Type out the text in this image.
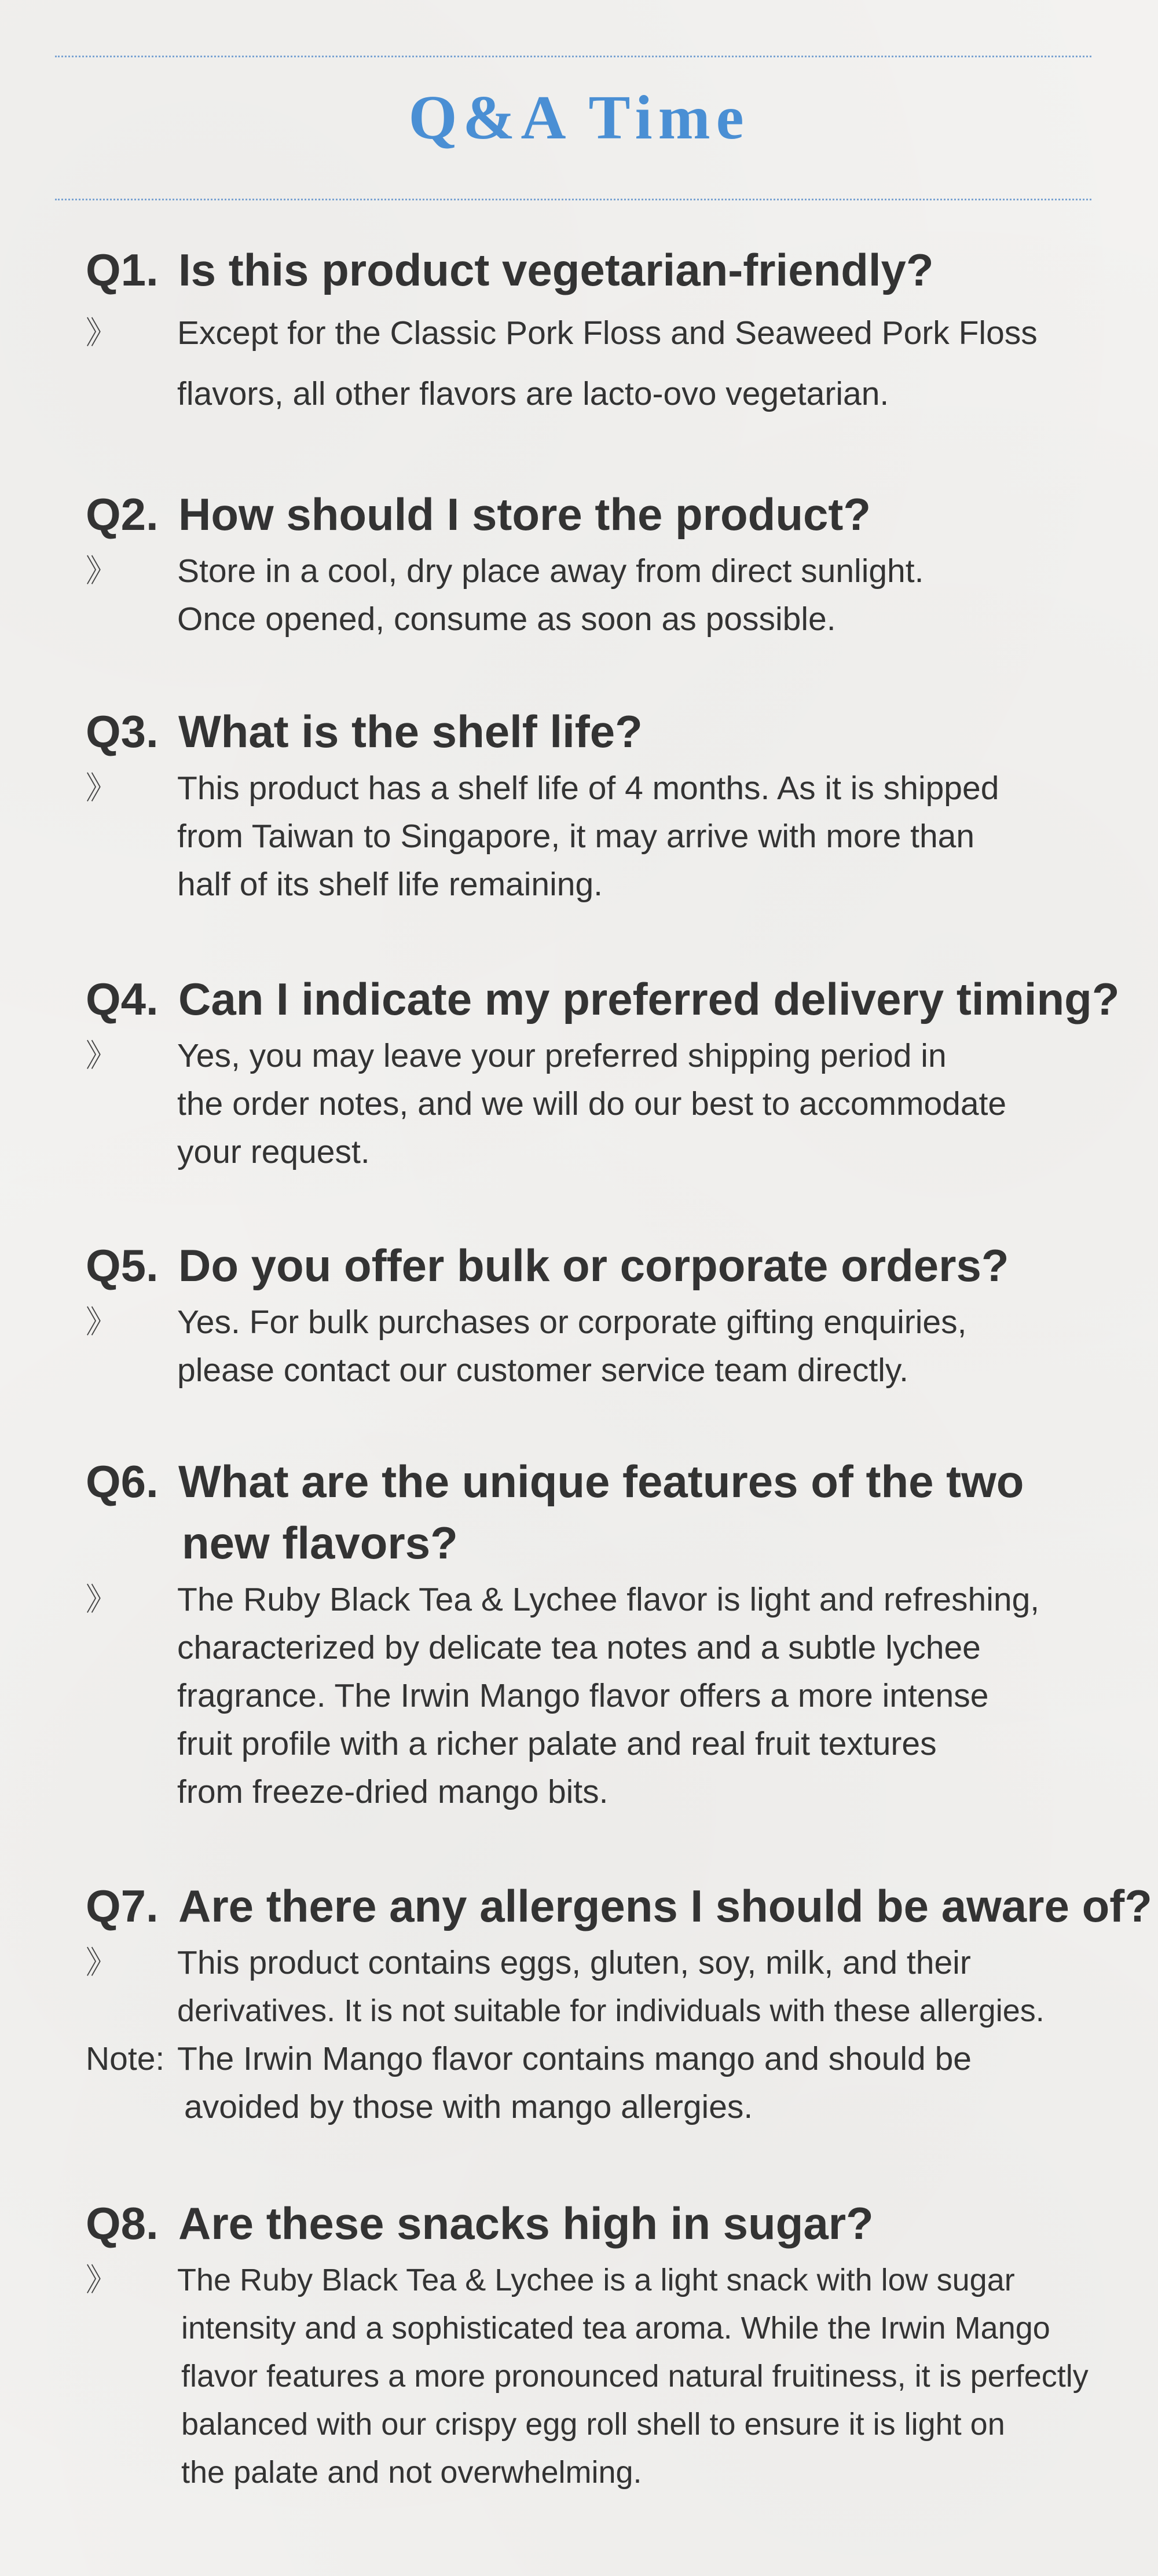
Q&A Time
Q1. Is this product vegetarian-friendly?
》	Except for the Classic Pork Floss and Seaweed Pork Floss
flavors, all other flavors are lacto-ovo vegetarian.
Q2. How should I store the product?
》	Store in a cool, dry place away from direct sunlight.
Once opened, consume as soon as possible.
Q3. What is the shelf life?
》	This product has a shelf life of 4 months. As it is shipped
from Taiwan to Singapore, it may arrive with more than
half of its shelf life remaining.
Q4. Can I indicate my preferred delivery timing?
》	Yes, you may leave your preferred shipping period in
the order notes, and we will do our best to accommodate
your request.
Q5. Do you offer bulk or corporate orders?
》	Yes. For bulk purchases or corporate gifting enquiries,
please contact our customer service team directly.
Q6. What are the unique features of the two
new flavors?
》	The Ruby Black Tea & Lychee flavor is light and refreshing,
characterized by delicate tea notes and a subtle lychee
fragrance. The Irwin Mango flavor offers a more intense
fruit profile with a richer palate and real fruit textures
from freeze-dried mango bits.
Q7. Are there any allergens I should be aware of?
》	This product contains eggs, gluten, soy, milk, and their
derivatives. It is not suitable for individuals with these allergies.
Note: The Irwin Mango flavor contains mango and should be
avoided by those with mango allergies.
Q8. Are these snacks high in sugar?
》	The Ruby Black Tea & Lychee is a light snack with low sugar
intensity and a sophisticated tea aroma. While the Irwin Mango
flavor features a more pronounced natural fruitiness, it is perfectly
balanced with our crispy egg roll shell to ensure it is light on
the palate and not overwhelming.
